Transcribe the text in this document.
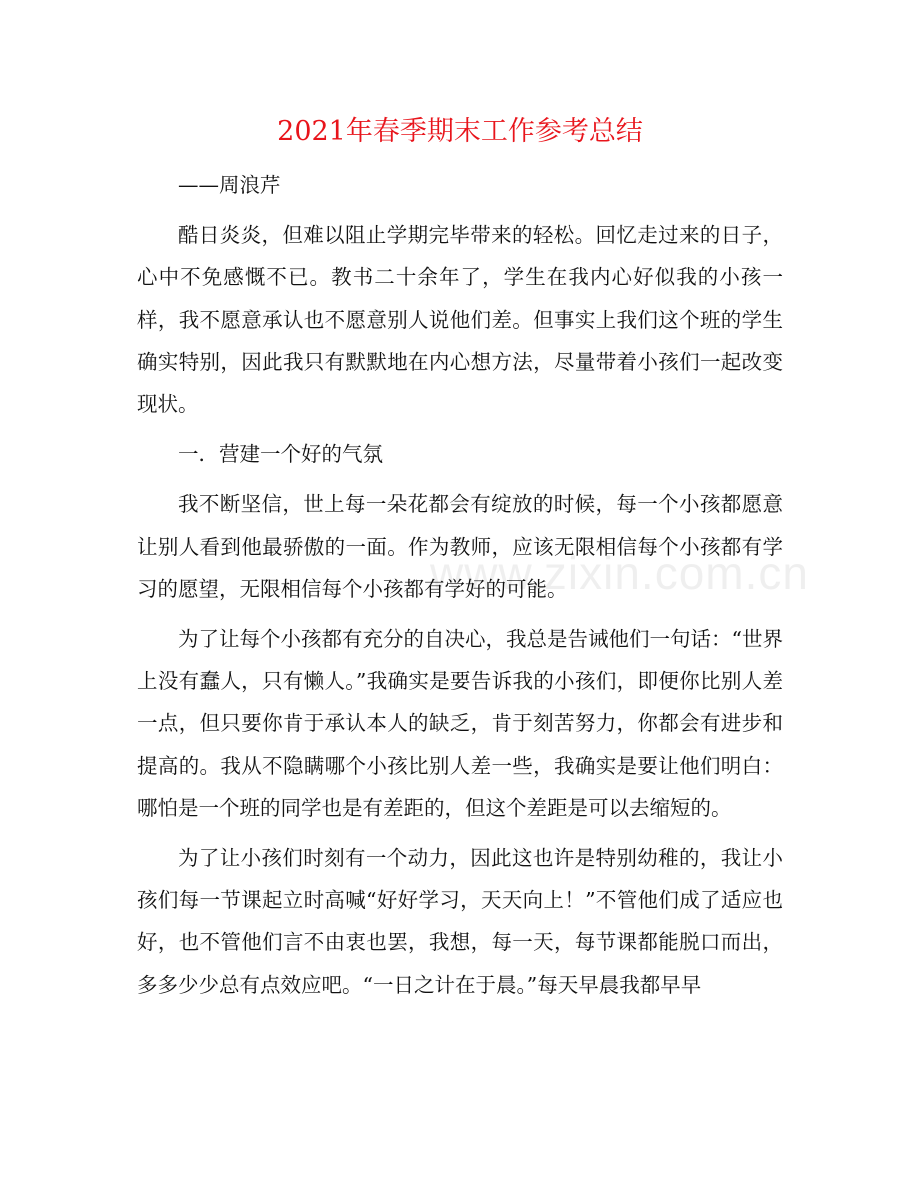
2021年春季期末工作参考总结

——周浪芹

酷日炎炎，但难以阻止学期完毕带来的轻松。回忆走过来的日子，心中不免感慨不已。教书二十余年了，学生在我内心好似我的小孩一样，我不愿意承认也不愿意别人说他们差。但事实上我们这个班的学生确实特别，因此我只有默默地在内心想方法，尽量带着小孩们一起改变现状。

一．营建一个好的气氛

我不断坚信，世上每一朵花都会有绽放的时候，每一个小孩都愿意让别人看到他最骄傲的一面。作为教师，应该无限相信每个小孩都有学习的愿望，无限相信每个小孩都有学好的可能。

为了让每个小孩都有充分的自决心，我总是告诫他们一句话：“世界上没有蠢人，只有懒人。”我确实是要告诉我的小孩们，即便你比别人差一点，但只要你肯于承认本人的缺乏，肯于刻苦努力，你都会有进步和提高的。我从不隐瞒哪个小孩比别人差一些，我确实是要让他们明白：哪怕是一个班的同学也是有差距的，但这个差距是可以去缩短的。

为了让小孩们时刻有一个动力，因此这也许是特别幼稚的，我让小孩们每一节课起立时高喊“好好学习，天天向上！”不管他们成了适应也好，也不管他们言不由衷也罢，我想，每一天，每节课都能脱口而出，多多少少总有点效应吧。“一日之计在于晨。”每天早晨我都早早

www.zixin.com.cn
